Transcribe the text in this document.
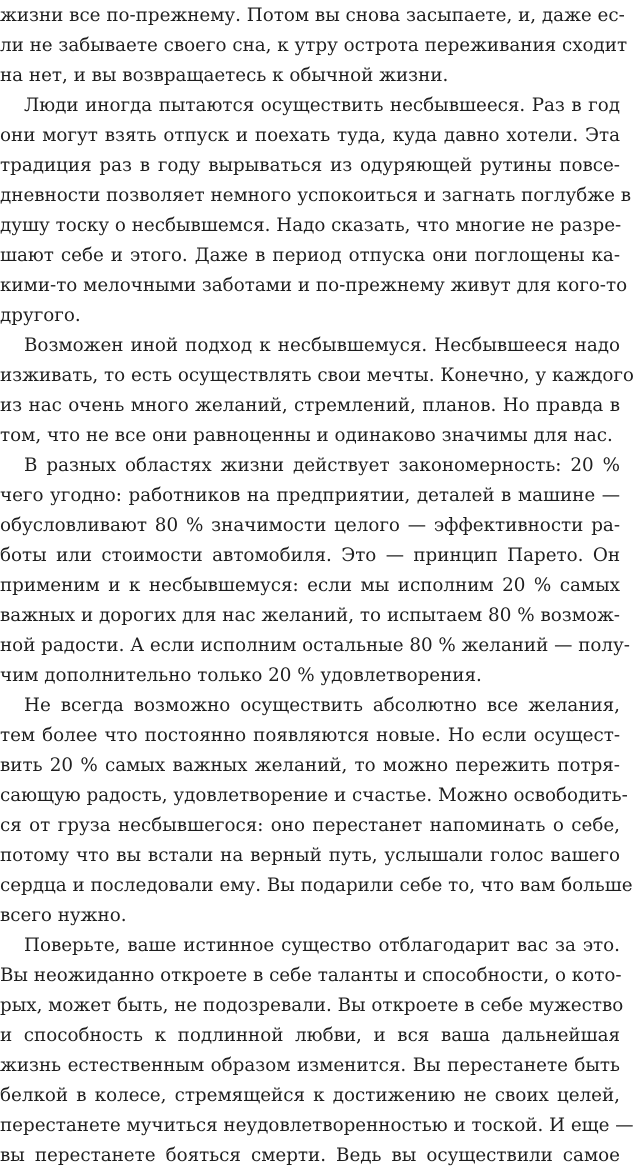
жизни все по-прежнему. Потом вы снова засыпаете, и, даже ес-
ли не забываете своего сна, к утру острота переживания сходит
на нет, и вы возвращаетесь к обычной жизни.
Люди иногда пытаются осуществить несбывшееся. Раз в год
они могут взять отпуск и поехать туда, куда давно хотели. Эта
традиция раз в году вырываться из одуряющей рутины повсе-
дневности позволяет немного успокоиться и загнать поглубже в
душу тоску о несбывшемся. Надо сказать, что многие не разре-
шают себе и этого. Даже в период отпуска они поглощены ка-
кими-то мелочными заботами и по-прежнему живут для кого-то
другого.
Возможен иной подход к несбывшемуся. Несбывшееся надо
изживать, то есть осуществлять свои мечты. Конечно, у каждого
из нас очень много желаний, стремлений, планов. Но правда в
том, что не все они равноценны и одинаково значимы для нас.
В разных областях жизни действует закономерность: 20 %
чего угодно: работников на предприятии, деталей в машине —
обусловливают 80 % значимости целого — эффективности ра-
боты или стоимости автомобиля. Это — принцип Парето. Он
применим и к несбывшемуся: если мы исполним 20 % самых
важных и дорогих для нас желаний, то испытаем 80 % возмож-
ной радости. А если исполним остальные 80 % желаний — полу-
чим дополнительно только 20 % удовлетворения.
Не всегда возможно осуществить абсолютно все желания,
тем более что постоянно появляются новые. Но если осущест-
вить 20 % самых важных желаний, то можно пережить потря-
сающую радость, удовлетворение и счастье. Можно освободить-
ся от груза несбывшегося: оно перестанет напоминать о себе,
потому что вы встали на верный путь, услышали голос вашего
сердца и последовали ему. Вы подарили себе то, что вам больше
всего нужно.
Поверьте, ваше истинное существо отблагодарит вас за это.
Вы неожиданно откроете в себе таланты и способности, о кото-
рых, может быть, не подозревали. Вы откроете в себе мужество
и способность к подлинной любви, и вся ваша дальнейшая
жизнь естественным образом изменится. Вы перестанете быть
белкой в колесе, стремящейся к достижению не своих целей,
перестанете мучиться неудовлетворенностью и тоской. И еще —
вы перестанете бояться смерти. Ведь вы осуществили самое
